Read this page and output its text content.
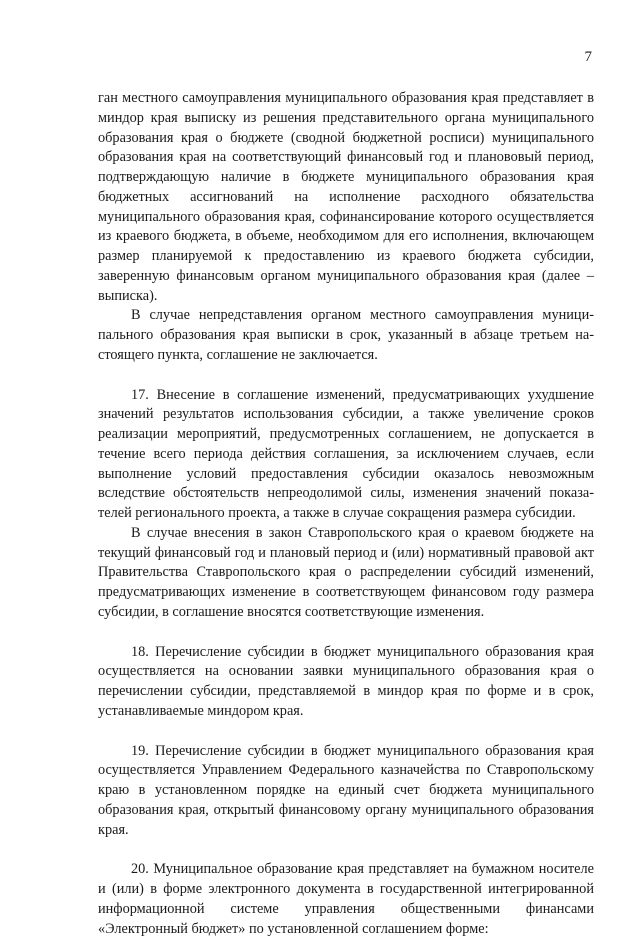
7

ган местного самоуправления муниципального образования края представляет в миндор края выписку из решения представительного органа муниципального образования края о бюджете (сводной бюджетной росписи) муниципального образования края на соответствующий финансовый год и планововый период, подтверждающую наличие в бюджете муниципального образования края бюджетных ассигнований на исполнение расходного обязательства муниципального образования края, софинансирование которого осуществляется из краевого бюджета, в объеме, необходимом для его исполнения, включающем размер планируемой к предоставлению из краевого бюджета субсидии, заверенную финансовым органом муниципального образования края (далее – выписка).

В случае непредставления органом местного самоуправления муниципального образования края выписки в срок, указанный в абзаце третьем настоящего пункта, соглашение не заключается.

17. Внесение в соглашение изменений, предусматривающих ухудшение значений результатов использования субсидии, а также увеличение сроков реализации мероприятий, предусмотренных соглашением, не допускается в течение всего периода действия соглашения, за исключением случаев, если выполнение условий предоставления субсидии оказалось невозможным вследствие обстоятельств непреодолимой силы, изменения значений показателей регионального проекта, а также в случае сокращения размера субсидии.

В случае внесения в закон Ставропольского края о краевом бюджете на текущий финансовый год и плановый период и (или) нормативный правовой акт Правительства Ставропольского края о распределении субсидий изменений, предусматривающих изменение в соответствующем финансовом году размера субсидии, в соглашение вносятся соответствующие изменения.

18. Перечисление субсидии в бюджет муниципального образования края осуществляется на основании заявки муниципального образования края о перечислении субсидии, представляемой в миндор края по форме и в срок, устанавливаемые миндором края.

19. Перечисление субсидии в бюджет муниципального образования края осуществляется Управлением Федерального казначейства по Ставропольскому краю в установленном порядке на единый счет бюджета муниципального образования края, открытый финансовому органу муниципального образования края.

20. Муниципальное образование края представляет на бумажном носителе и (или) в форме электронного документа в государственной интегрированной информационной системе управления общественными финансами «Электронный бюджет» по установленной соглашением форме:
